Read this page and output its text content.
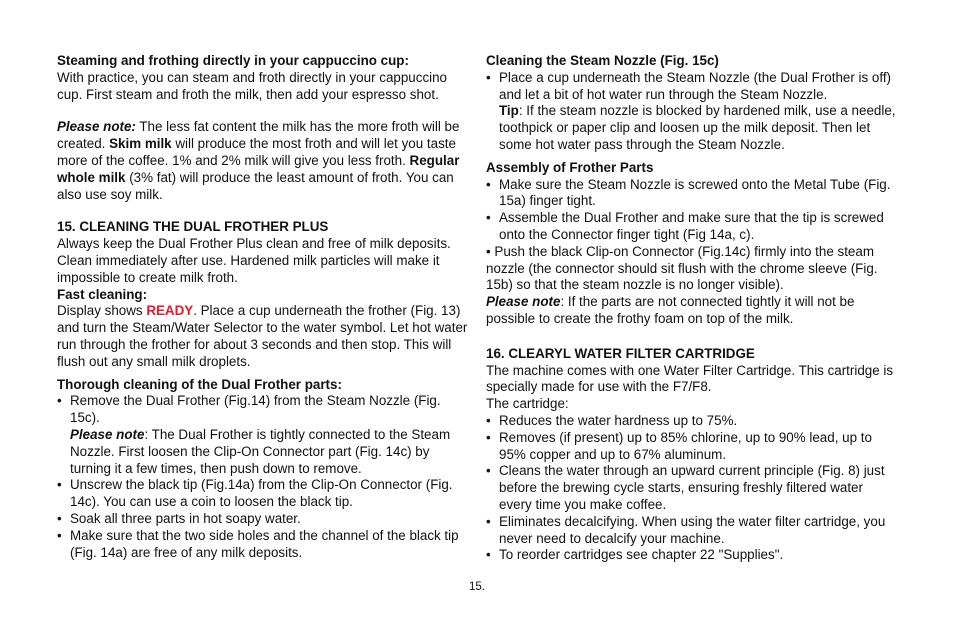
Steaming and frothing directly in your cappuccino cup:

With practice, you can steam and froth directly in your cappuccino cup. First steam and froth the milk, then add your espresso shot.

Please note: The less fat content the milk has the more froth will be created. Skim milk will produce the most froth and will let you taste more of the coffee. 1% and 2% milk will give you less froth. Regular whole milk (3% fat) will produce the least amount of froth. You can also use soy milk.

15. CLEANING THE DUAL FROTHER PLUS

Always keep the Dual Frother Plus clean and free of milk deposits. Clean immediately after use. Hardened milk particles will make it impossible to create milk froth.

Fast cleaning:

Display shows READY. Place a cup underneath the frother (Fig. 13) and turn the Steam/Water Selector to the water symbol. Let hot water run through the frother for about 3 seconds and then stop. This will flush out any small milk droplets.

Thorough cleaning of the Dual Frother parts:

• Remove the Dual Frother (Fig.14) from the Steam Nozzle (Fig. 15c).
Please note: The Dual Frother is tightly connected to the Steam Nozzle. First loosen the Clip-On Connector part (Fig. 14c) by turning it a few times, then push down to remove.
• Unscrew the black tip (Fig.14a) from the Clip-On Connector (Fig. 14c). You can use a coin to loosen the black tip.
• Soak all three parts in hot soapy water.
• Make sure that the two side holes and the channel of the black tip (Fig. 14a) are free of any milk deposits.

Cleaning the Steam Nozzle (Fig. 15c)

• Place a cup underneath the Steam Nozzle (the Dual Frother is off) and let a bit of hot water run through the Steam Nozzle.
Tip: If the steam nozzle is blocked by hardened milk, use a needle, toothpick or paper clip and loosen up the milk deposit. Then let some hot water pass through the Steam Nozzle.

Assembly of Frother Parts

• Make sure the Steam Nozzle is screwed onto the Metal Tube (Fig. 15a) finger tight.
• Assemble the Dual Frother and make sure that the tip is screwed onto the Connector finger tight (Fig 14a, c).
• Push the black Clip-on Connector (Fig.14c) firmly into the steam nozzle (the connector should sit flush with the chrome sleeve (Fig. 15b) so that the steam nozzle is no longer visible).

Please note: If the parts are not connected tightly it will not be possible to create the frothy foam on top of the milk.

16. CLEARYL WATER FILTER CARTRIDGE

The machine comes with one Water Filter Cartridge. This cartridge is specially made for use with the F7/F8.

The cartridge:

• Reduces the water hardness up to 75%.
• Removes (if present) up to 85% chlorine, up to 90% lead, up to 95% copper and up to 67% aluminum.
• Cleans the water through an upward current principle (Fig. 8) just before the brewing cycle starts, ensuring freshly filtered water every time you make coffee.
• Eliminates decalcifying. When using the water filter cartridge, you never need to decalcify your machine.
• To reorder cartridges see chapter 22 "Supplies".
15.
